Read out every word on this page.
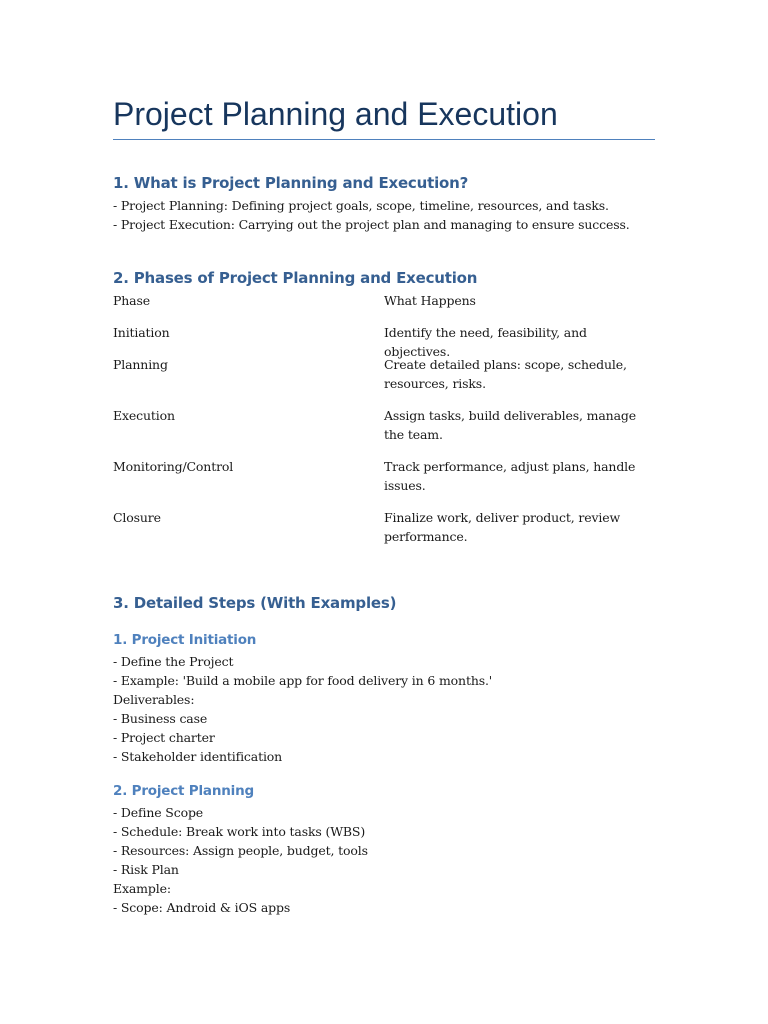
Project Planning and Execution
1. What is Project Planning and Execution?
- Project Planning: Defining project goals, scope, timeline, resources, and tasks.
- Project Execution: Carrying out the project plan and managing to ensure success.
2. Phases of Project Planning and Execution
Phase	What Happens
Initiation	Identify the need, feasibility, and objectives.
Planning	Create detailed plans: scope, schedule, resources, risks.
Execution	Assign tasks, build deliverables, manage the team.
Monitoring/Control	Track performance, adjust plans, handle issues.
Closure	Finalize work, deliver product, review performance.
3. Detailed Steps (With Examples)
1. Project Initiation
- Define the Project
- Example: 'Build a mobile app for food delivery in 6 months.'
Deliverables:
- Business case
- Project charter
- Stakeholder identification
2. Project Planning
- Define Scope
- Schedule: Break work into tasks (WBS)
- Resources: Assign people, budget, tools
- Risk Plan
Example:
- Scope: Android & iOS apps
